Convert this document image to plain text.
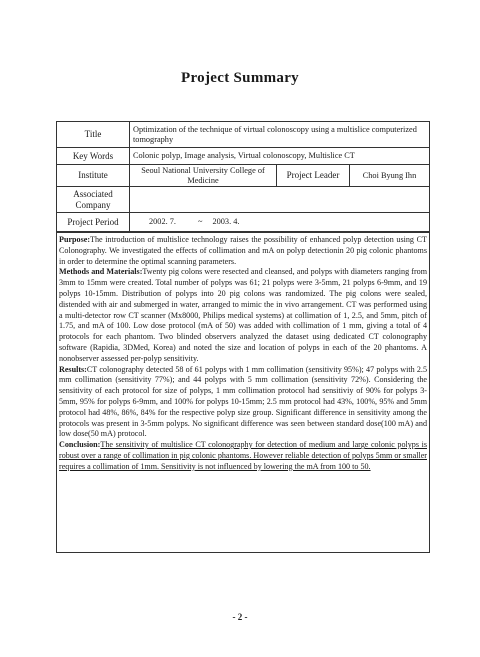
Project Summary
Title	Optimization of the technique of virtual colonoscopy using a multislice computerized tomography		
Key Words	Colonic polyp, Image analysis, Virtual colonoscopy, Multislice CT		
Institute	Seoul National University College of Medicine	Project Leader	Choi Byung Ihn
Associated Company			
Project Period	2002. 7. ~ 2003. 4.		

Purpose:The introduction of multislice technology raises the possibility of enhanced polyp detection using CT Colonography. We investigated the effects of collimation and mA on polyp detectionin 20 pig colonic phantoms in order to determine the optimal scanning parameters.

Methods and Materials:Twenty pig colons were resected and cleansed, and polyps with diameters ranging from 3mm to 15mm were created. Total number of polyps was 61; 21 polyps were 3-5mm, 21 polyps 6-9mm, and 19 polyps 10-15mm. Distribution of polyps into 20 pig colons was randomized. The pig colons were sealed, distended with air and submerged in water, arranged to mimic the in vivo arrangement. CT was performed using a multi-detector row CT scanner (Mx8000, Philips medical systems) at collimation of 1, 2.5, and 5mm, pitch of 1.75, and mA of 100. Low dose protocol (mA of 50) was added with collimation of 1 mm, giving a total of 4 protocols for each phantom. Two blinded observers analyzed the dataset using dedicated CT colonography software (Rapidia, 3DMed, Korea) and noted the size and location of polyps in each of the 20 phantoms. A nonobserver assessed per-polyp sensitivity.

Results:CT colonography detected 58 of 61 polyps with 1 mm collimation (sensitivity 95%); 47 polyps with 2.5 mm collimation (sensitivity 77%); and 44 polyps with 5 mm collimation (sensitivity 72%). Considering the sensitivity of each protocol for size of polyps, 1 mm collimation protocol had sensitiviy of 90% for polyps 3-5mm, 95% for polyps 6-9mm, and 100% for polyps 10-15mm; 2.5 mm protocol had 43%, 100%, 95% and 5mm protocol had 48%, 86%, 84% for the respective polyp size group. Significant difference in sensitivity among the protocols was present in 3-5mm polyps. No significant difference was seen between standard dose(100 mA) and low dose(50 mA) protocol.

Conclusion:The sensitivity of multislice CT colonography for detection of medium and large colonic polyps is robust over a range of collimation in pig colonic phantoms. However reliable detection of polyps 5mm or smaller requires a collimation of 1mm. Sensitivity is not influenced by lowering the mA from 100 to 50.

- 2 -
